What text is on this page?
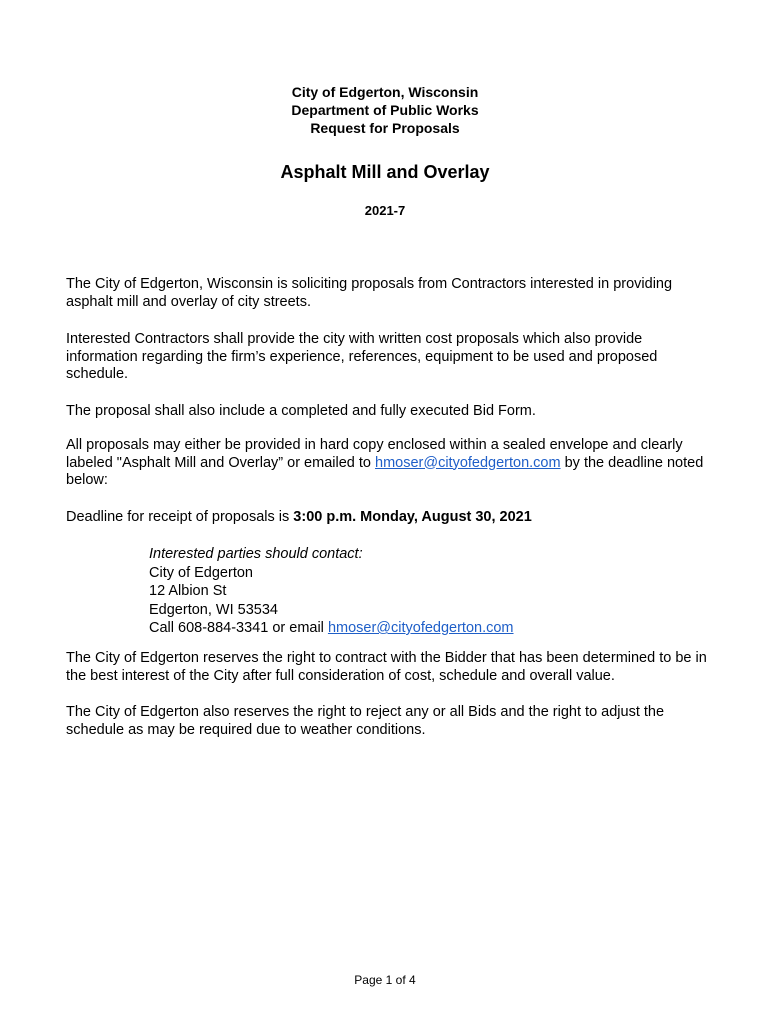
City of Edgerton, Wisconsin
Department of Public Works
Request for Proposals
Asphalt Mill and Overlay
2021-7

The City of Edgerton, Wisconsin is soliciting proposals from Contractors interested in providing asphalt mill and overlay of city streets.

Interested Contractors shall provide the city with written cost proposals which also provide information regarding the firm’s experience, references, equipment to be used and proposed schedule.

The proposal shall also include a completed and fully executed Bid Form.

All proposals may either be provided in hard copy enclosed within a sealed envelope and clearly labeled "Asphalt Mill and Overlay” or emailed to hmoser@cityofedgerton.com by the deadline noted below:

Deadline for receipt of proposals is 3:00 p.m. Monday, August 30, 2021

Interested parties should contact:
City of Edgerton
12 Albion St
Edgerton, WI 53534
Call 608-884-3341 or email hmoser@cityofedgerton.com

The City of Edgerton reserves the right to contract with the Bidder that has been determined to be in the best interest of the City after full consideration of cost, schedule and overall value.

The City of Edgerton also reserves the right to reject any or all Bids and the right to adjust the schedule as may be required due to weather conditions.

Page 1 of 4
